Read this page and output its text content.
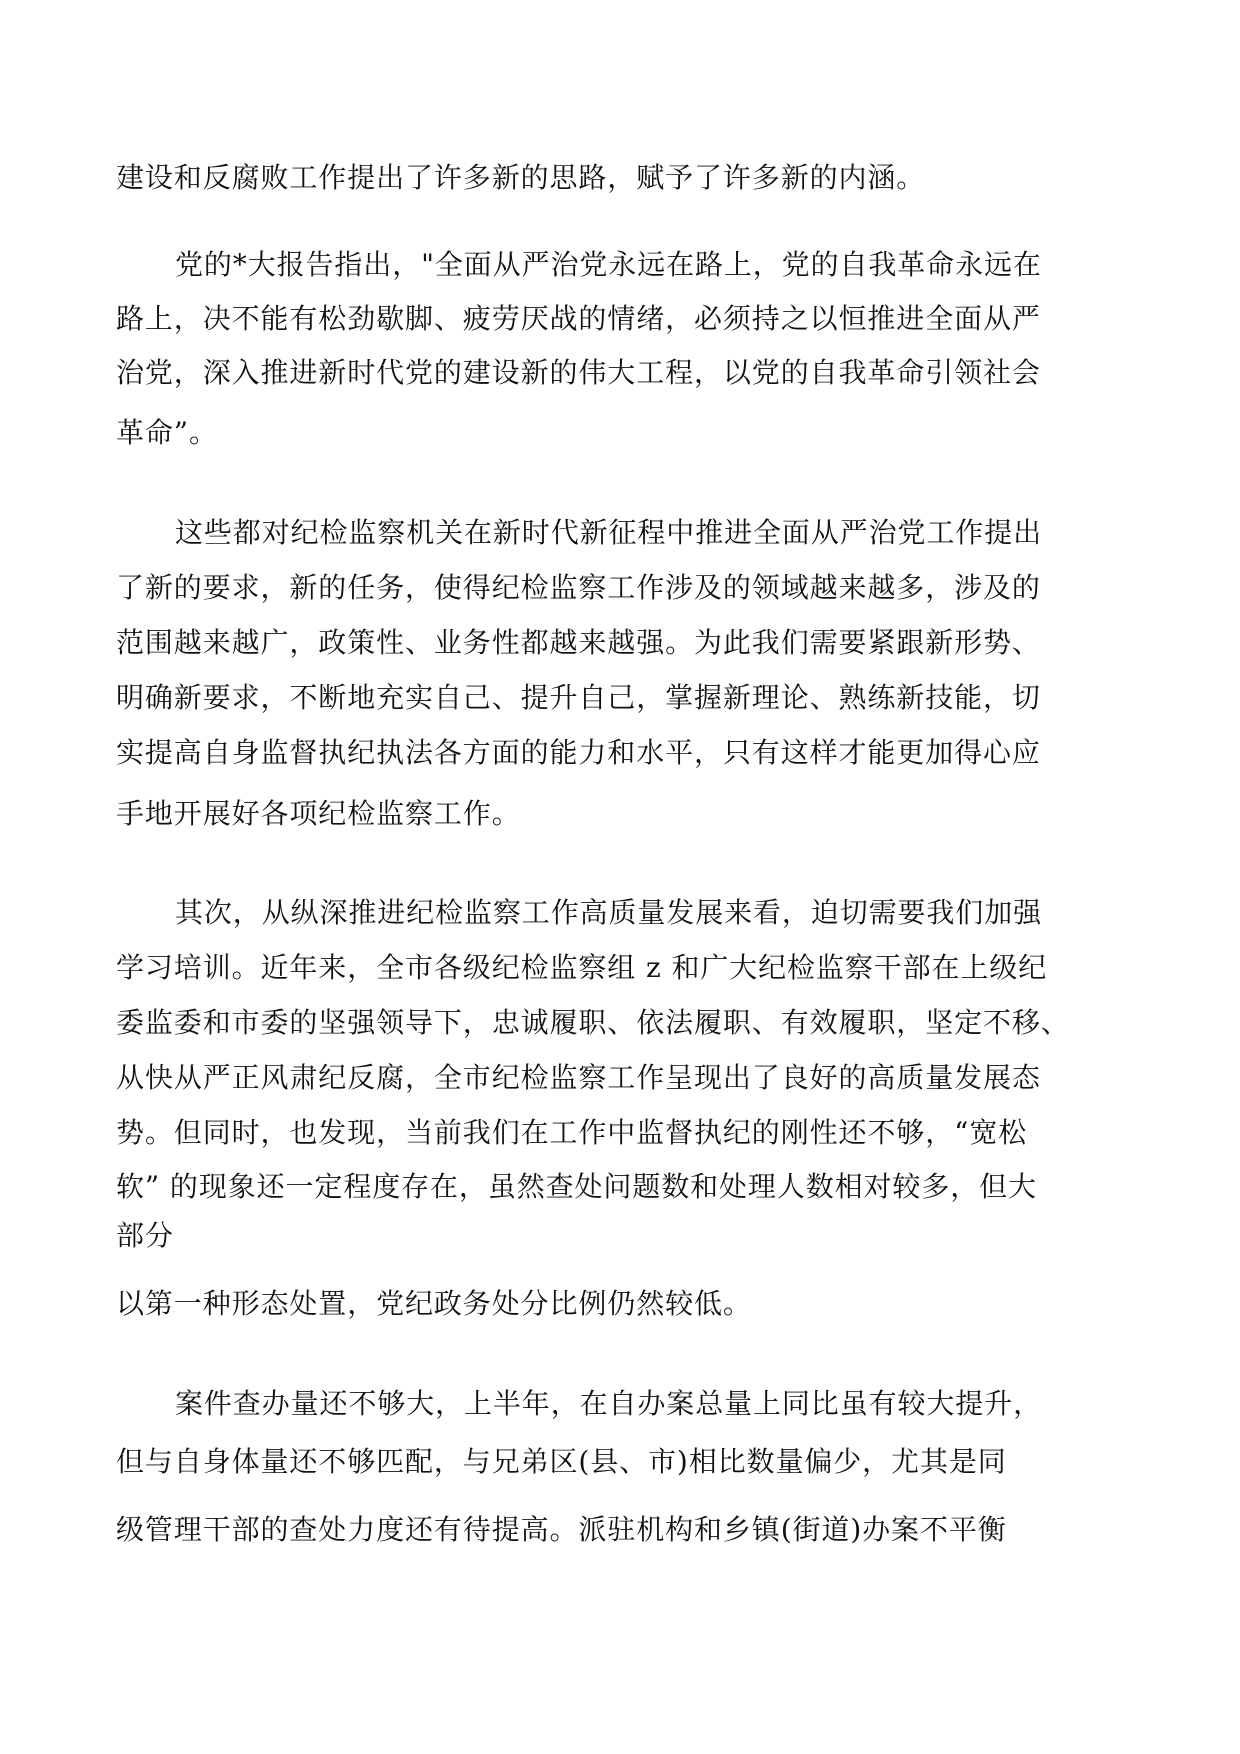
建设和反腐败工作提出了许多新的思路，赋予了许多新的内涵。

党的*大报告指出，"全面从严治党永远在路上，党的自我革命永远在

路上，决不能有松劲歇脚、疲劳厌战的情绪，必须持之以恒推进全面从严

治党，深入推进新时代党的建设新的伟大工程，以党的自我革命引领社会

革命”。

这些都对纪检监察机关在新时代新征程中推进全面从严治党工作提出

了新的要求，新的任务，使得纪检监察工作涉及的领域越来越多，涉及的

范围越来越广，政策性、业务性都越来越强。为此我们需要紧跟新形势、

明确新要求，不断地充实自己、提升自己，掌握新理论、熟练新技能，切

实提高自身监督执纪执法各方面的能力和水平，只有这样才能更加得心应

手地开展好各项纪检监察工作。

其次，从纵深推进纪检监察工作高质量发展来看，迫切需要我们加强

学习培训。近年来，全市各级纪检监察组 z 和广大纪检监察干部在上级纪

委监委和市委的坚强领导下，忠诚履职、依法履职、有效履职，坚定不移、

从快从严正风肃纪反腐，全市纪检监察工作呈现出了良好的高质量发展态

势。但同时，也发现，当前我们在工作中监督执纪的刚性还不够，“宽松

软” 的现象还一定程度存在，虽然查处问题数和处理人数相对较多，但大

部分

以第一种形态处置，党纪政务处分比例仍然较低。

案件查办量还不够大，上半年，在自办案总量上同比虽有较大提升，

但与自身体量还不够匹配，与兄弟区(县、市)相比数量偏少，尤其是同

级管理干部的查处力度还有待提高。派驻机构和乡镇(街道)办案不平衡
